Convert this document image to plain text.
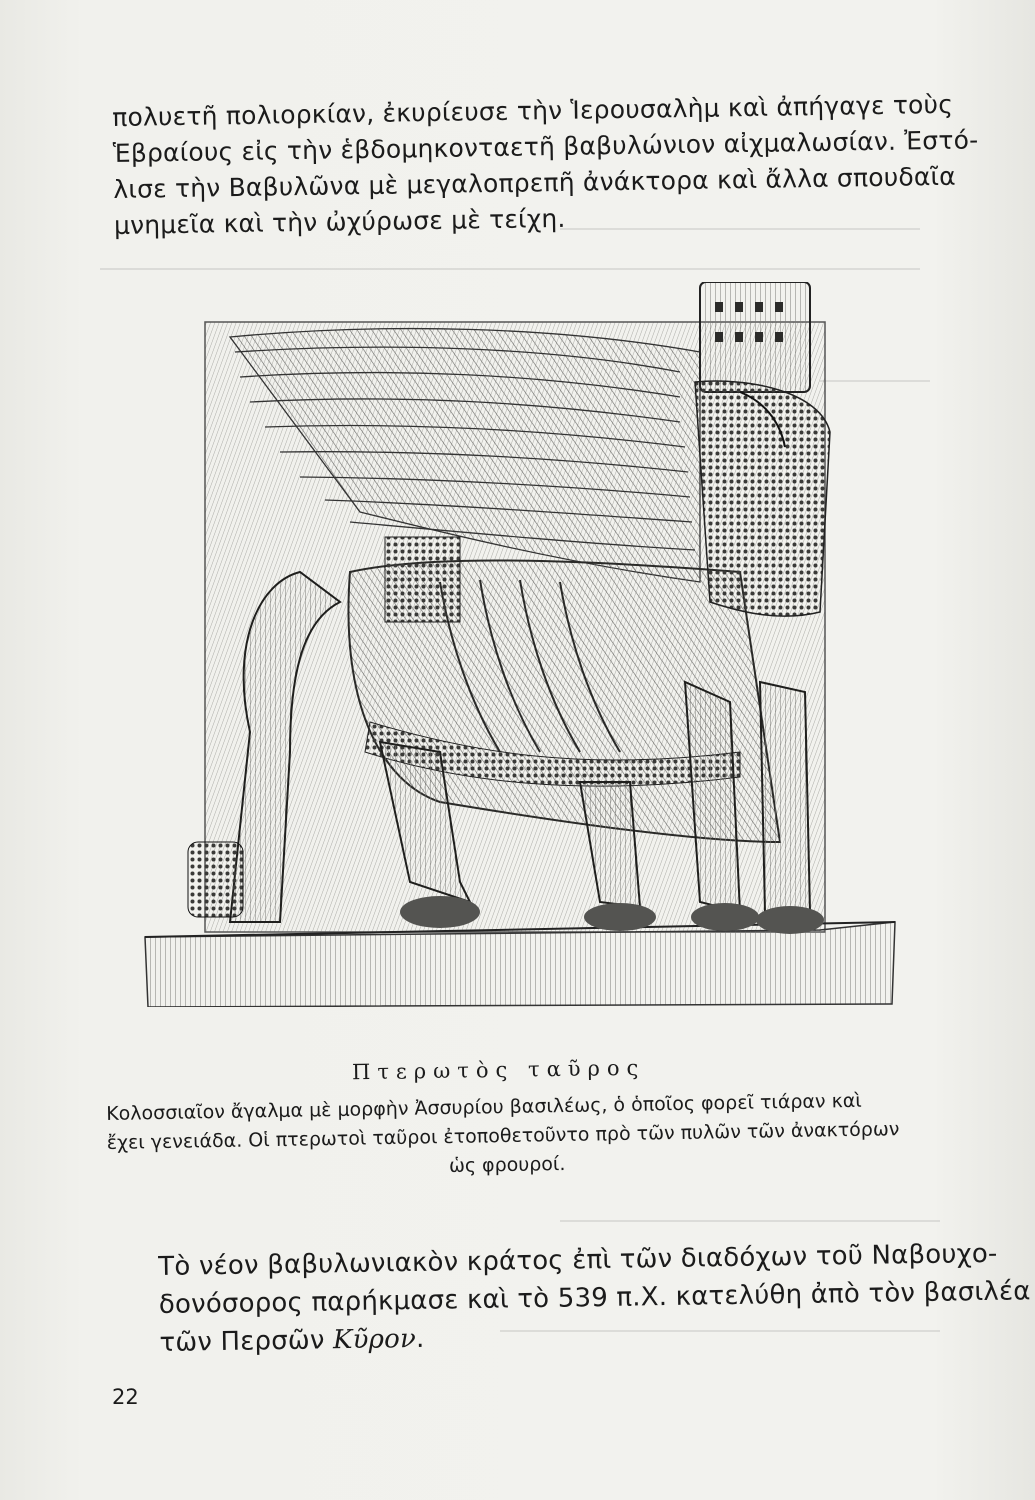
πολυετῆ πολιορκίαν, ἐκυρίευσε τὴν Ἱερουσαλὴμ καὶ ἀπήγαγε τοὺς
Ἑβραίους εἰς τὴν ἑβδομηκονταετῆ βαβυλώνιον αἰχμαλωσίαν. Ἐστό-
λισε τὴν Βαβυλῶνα μὲ μεγαλοπρεπῆ ἀνάκτορα καὶ ἄλλα σπουδαῖα
μνημεῖα καὶ τὴν ὠχύρωσε μὲ τείχη.

Πτερωτὸς ταῦρος
Κολοσσιαῖον ἄγαλμα μὲ μορφὴν Ἀσσυρίου βασιλέως, ὁ ὁποῖος φορεῖ τιάραν καὶ
ἔχει γενειάδα. Οἱ πτερωτοὶ ταῦροι ἐτοποθετοῦντο πρὸ τῶν πυλῶν τῶν ἀνακτόρων
ὡς φρουροί.

Τὸ νέον βαβυλωνιακὸν κράτος ἐπὶ τῶν διαδόχων τοῦ Ναβουχο-
δονόσορος παρήκμασε καὶ τὸ 539 π.Χ. κατελύθη ἀπὸ τὸν βασιλέα
τῶν Περσῶν Κῦρον.

22
